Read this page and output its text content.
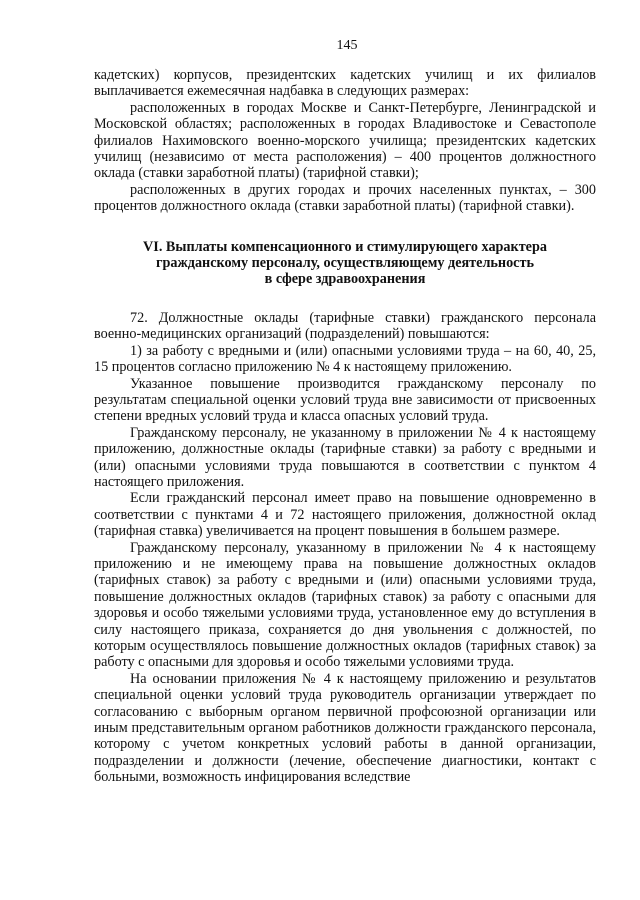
145

кадетских) корпусов, президентских кадетских училищ и их филиалов выплачивается ежемесячная надбавка в следующих размерах:

расположенных в городах Москве и Санкт-Петербурге, Ленинградской и Московской областях; расположенных в городах Владивостоке и Севастополе филиалов Нахимовского военно-морского училища; президентских кадетских училищ (независимо от места расположения) – 400 процентов должностного оклада (ставки заработной платы) (тарифной ставки);

расположенных в других городах и прочих населенных пунктах, – 300 процентов должностного оклада (ставки заработной платы) (тарифной ставки).

VI. Выплаты компенсационного и стимулирующего характера
гражданскому персоналу, осуществляющему деятельность
в сфере здравоохранения

72. Должностные оклады (тарифные ставки) гражданского персонала военно-медицинских организаций (подразделений) повышаются:

1) за работу с вредными и (или) опасными условиями труда – на 60, 40, 25, 15 процентов согласно приложению № 4 к настоящему приложению.

Указанное повышение производится гражданскому персоналу по результатам специальной оценки условий труда вне зависимости от присвоенных степени вредных условий труда и класса опасных условий труда.

Гражданскому персоналу, не указанному в приложении № 4 к настоящему приложению, должностные оклады (тарифные ставки) за работу с вредными и (или) опасными условиями труда повышаются в соответствии с пунктом 4 настоящего приложения.

Если гражданский персонал имеет право на повышение одновременно в соответствии с пунктами 4 и 72 настоящего приложения, должностной оклад (тарифная ставка) увеличивается на процент повышения в большем размере.

Гражданскому персоналу, указанному в приложении № 4 к настоящему приложению и не имеющему права на повышение должностных окладов (тарифных ставок) за работу с вредными и (или) опасными условиями труда, повышение должностных окладов (тарифных ставок) за работу с опасными для здоровья и особо тяжелыми условиями труда, установленное ему до вступления в силу настоящего приказа, сохраняется до дня увольнения с должностей, по которым осуществлялось повышение должностных окладов (тарифных ставок) за работу с опасными для здоровья и особо тяжелыми условиями труда.

На основании приложения № 4 к настоящему приложению и результатов специальной оценки условий труда руководитель организации утверждает по согласованию с выборным органом первичной профсоюзной организации или иным представительным органом работников должности гражданского персонала, которому с учетом конкретных условий работы в данной организации, подразделении и должности (лечение, обеспечение диагностики, контакт с больными, возможность инфицирования вследствие
